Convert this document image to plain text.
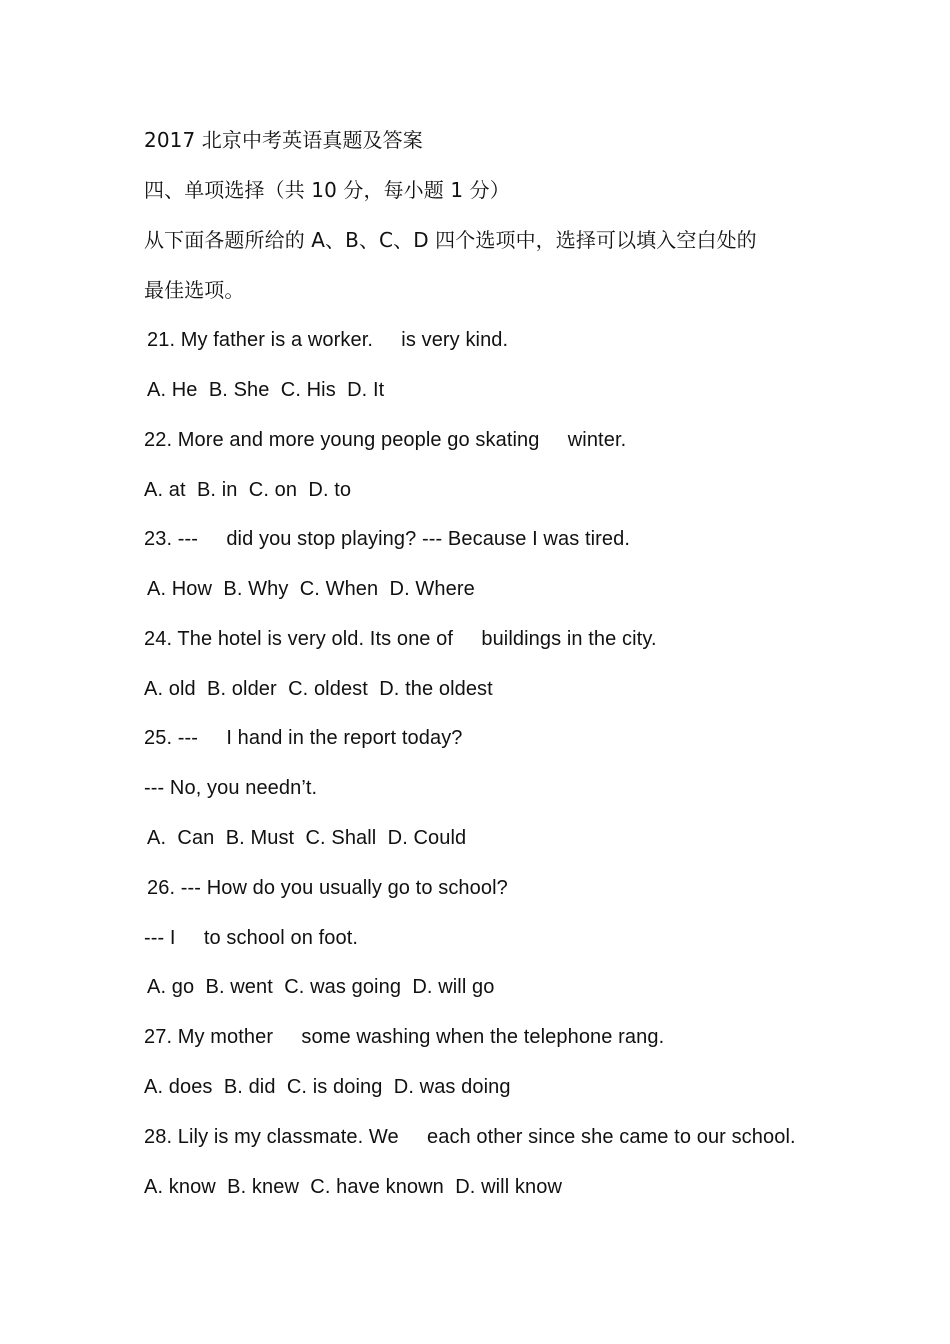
2017 北京中考英语真题及答案
四、单项选择（共 10 分，每小题 1 分）
从下面各题所给的 A、B、C、D 四个选项中，选择可以填入空白处的
最佳选项。
21. My father is a worker.     is very kind.
A. He  B. She  C. His  D. It
22. More and more young people go skating     winter.
A. at  B. in  C. on  D. to
23. ---     did you stop playing? --- Because I was tired.
A. How  B. Why  C. When  D. Where
24. The hotel is very old. Its one of     buildings in the city.
A. old  B. older  C. oldest  D. the oldest
25. ---     I hand in the report today?
--- No, you needn’t.
A.  Can  B. Must  C. Shall  D. Could
26. --- How do you usually go to school?
--- I     to school on foot.
A. go  B. went  C. was going  D. will go
27. My mother     some washing when the telephone rang.
A. does  B. did  C. is doing  D. was doing
28. Lily is my classmate. We     each other since she came to our school.
A. know  B. knew  C. have known  D. will know
